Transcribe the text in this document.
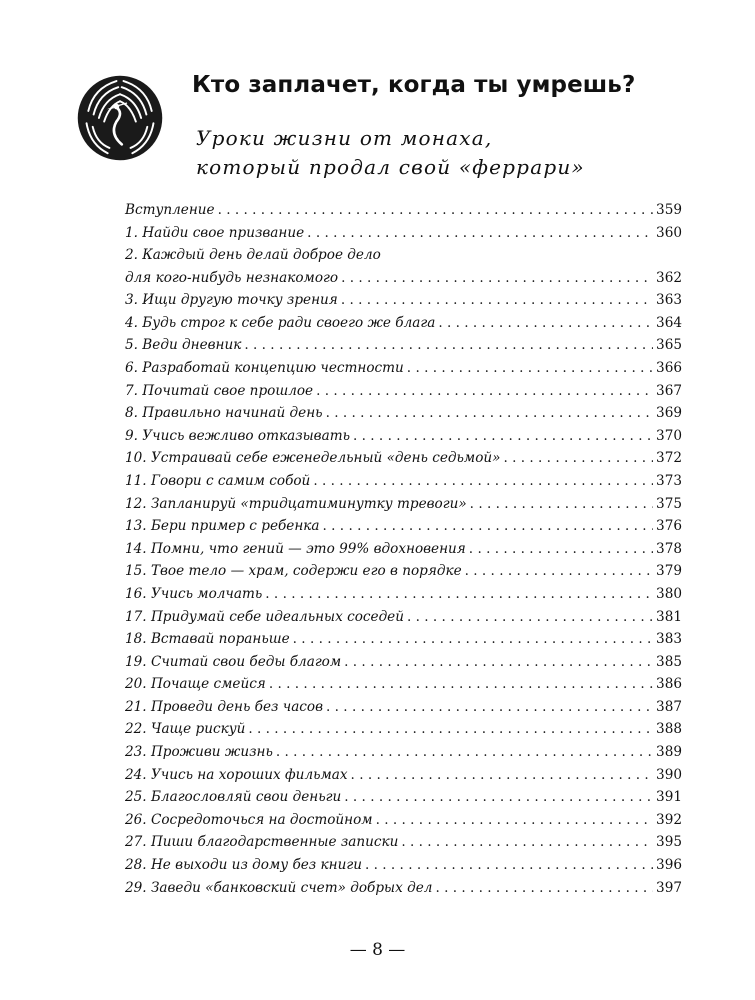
Кто заплачет, когда ты умрешь?
Уроки жизни от монаха,
который продал свой «феррари»
Вступление . . .	359
1. Найди свое призвание . . .	360
2. Каждый день делай доброе дело
для кого-нибудь незнакомого . . .	362
3. Ищи другую точку зрения . . .	363
4. Будь строг к себе ради своего же блага . . .	364
5. Веди дневник . . .	365
6. Разработай концепцию честности . . .	366
7. Почитай свое прошлое . . .	367
8. Правильно начинай день . . .	369
9. Учись вежливо отказывать . . .	370
10. Устраивай себе еженедельный «день седьмой» . . .	372
11. Говори с самим собой . . .	373
12. Запланируй «тридцатиминутку тревоги» . . .	375
13. Бери пример с ребенка . . .	376
14. Помни, что гений — это 99% вдохновения . . .	378
15. Твое тело — храм, содержи его в порядке . . .	379
16. Учись молчать . . .	380
17. Придумай себе идеальных соседей . . .	381
18. Вставай пораньше . . .	383
19. Считай свои беды благом . . .	385
20. Почаще смейся . . .	386
21. Проведи день без часов . . .	387
22. Чаще рискуй . . .	388
23. Проживи жизнь . . .	389
24. Учись на хороших фильмах . . .	390
25. Благословляй свои деньги . . .	391
26. Сосредоточься на достойном . . .	392
27. Пиши благодарственные записки . . .	395
28. Не выходи из дому без книги . . .	396
29. Заведи «банковский счет» добрых дел . . .	397
— 8 —
